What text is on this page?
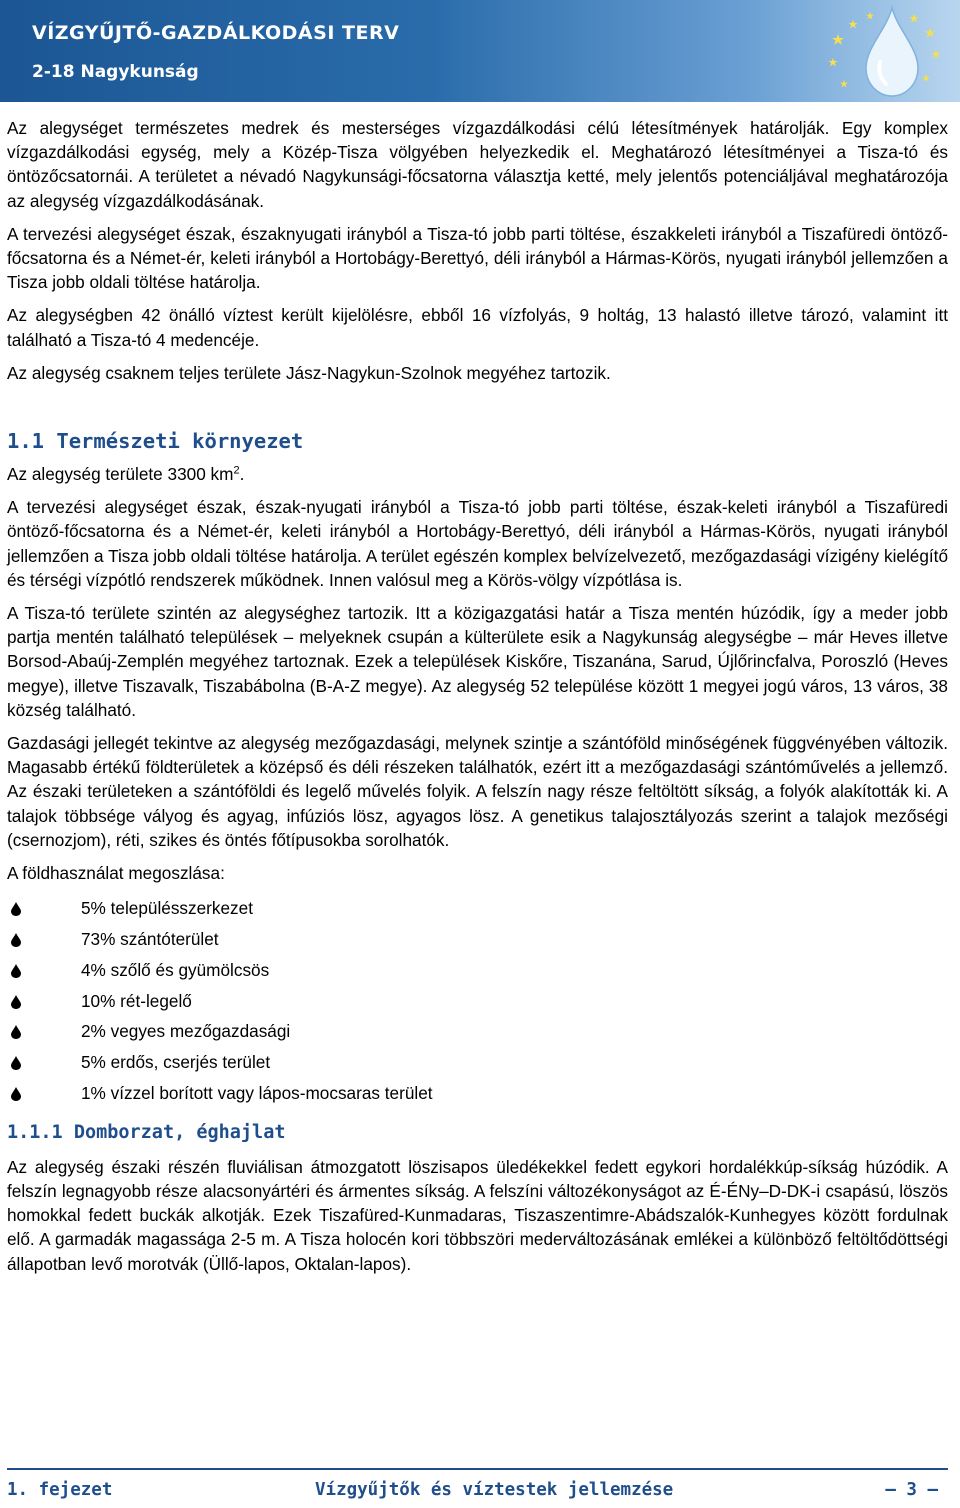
VÍZGYŰJTŐ-GAZDÁLKODÁSI TERV
2-18 Nagykunság

Az alegységet természetes medrek és mesterséges vízgazdálkodási célú létesítmények határolják. Egy komplex vízgazdálkodási egység, mely a Közép-Tisza völgyében helyezkedik el. Meghatározó létesítményei a Tisza-tó és öntözőcsatornái. A területet a névadó Nagykunsági-főcsatorna választja ketté, mely jelentős potenciáljával meghatározója az alegység vízgazdálkodásának.

A tervezési alegységet észak, északnyugati irányból a Tisza-tó jobb parti töltése, északkeleti irányból a Tiszafüredi öntöző-főcsatorna és a Német-ér, keleti irányból a Hortobágy-Berettyó, déli irányból a Hármas-Körös, nyugati irányból jellemzően a Tisza jobb oldali töltése határolja.

Az alegységben 42 önálló víztest került kijelölésre, ebből 16 vízfolyás, 9 holtág, 13 halastó illetve tározó, valamint itt található a Tisza-tó 4 medencéje.

Az alegység csaknem teljes területe Jász-Nagykun-Szolnok megyéhez tartozik.

1.1 Természeti környezet

Az alegység területe 3300 $km^2$.

A tervezési alegységet észak, észak-nyugati irányból a Tisza-tó jobb parti töltése, észak-keleti irányból a Tiszafüredi öntöző-főcsatorna és a Német-ér, keleti irányból a Hortobágy-Berettyó, déli irányból a Hármas-Körös, nyugati irányból jellemzően a Tisza jobb oldali töltése határolja. A terület egészén komplex belvízelvezető, mezőgazdasági vízigény kielégítő és térségi vízpótló rendszerek működnek. Innen valósul meg a Körös-völgy vízpótlása is.

A Tisza-tó területe szintén az alegységhez tartozik. Itt a közigazgatási határ a Tisza mentén húzódik, így a meder jobb partja mentén található települések – melyeknek csupán a külterülete esik a Nagykunság alegységbe – már Heves illetve Borsod-Abaúj-Zemplén megyéhez tartoznak. Ezek a települések Kiskőre, Tiszanána, Sarud, Újlőrincfalva, Poroszló (Heves megye), illetve Tiszavalk, Tiszabábolna (B-A-Z megye). Az alegység 52 települése között 1 megyei jogú város, 13 város, 38 község található.

Gazdasági jellegét tekintve az alegység mezőgazdasági, melynek szintje a szántóföld minőségének függvényében változik. Magasabb értékű földterületek a középső és déli részeken találhatók, ezért itt a mezőgazdasági szántóművelés a jellemző. Az északi területeken a szántóföldi és legelő művelés folyik. A felszín nagy része feltöltött síkság, a folyók alakították ki. A talajok többsége vályog és agyag, infúziós lösz, agyagos lösz. A genetikus talajosztályozás szerint a talajok mezőségi (csernozjom), réti, szikes és öntés főtípusokba sorolhatók.

A földhasználat megoszlása:

5% településszerkezet
73% szántóterület
4% szőlő és gyümölcsös
10% rét-legelő
2% vegyes mezőgazdasági
5% erdős, cserjés terület
1% vízzel borított vagy lápos-mocsaras terület
1.1.1 Domborzat, éghajlat

Az alegység északi részén fluviálisan átmozgatott löszisapos üledékekkel fedett egykori hordalékkúp-síkság húzódik. A felszín legnagyobb része alacsonyártéri és ármentes síkság. A felszíni változékonyságot az É-ÉNy–D-DK-i csapású, löszös homokkal fedett buckák alkotják. Ezek Tiszafüred-Kunmadaras, Tiszaszentimre-Abádszalók-Kunhegyes között fordulnak elő. A garmadák magassága 2-5 m. A Tisza holocén kori többszöri mederváltozásának emlékei a különböző feltöltődöttségi állapotban levő morotvák (Üllő-lapos, Oktalan-lapos).

1. fejezet	Vízgyűjtők és víztestek jellemzése	– 3 –
